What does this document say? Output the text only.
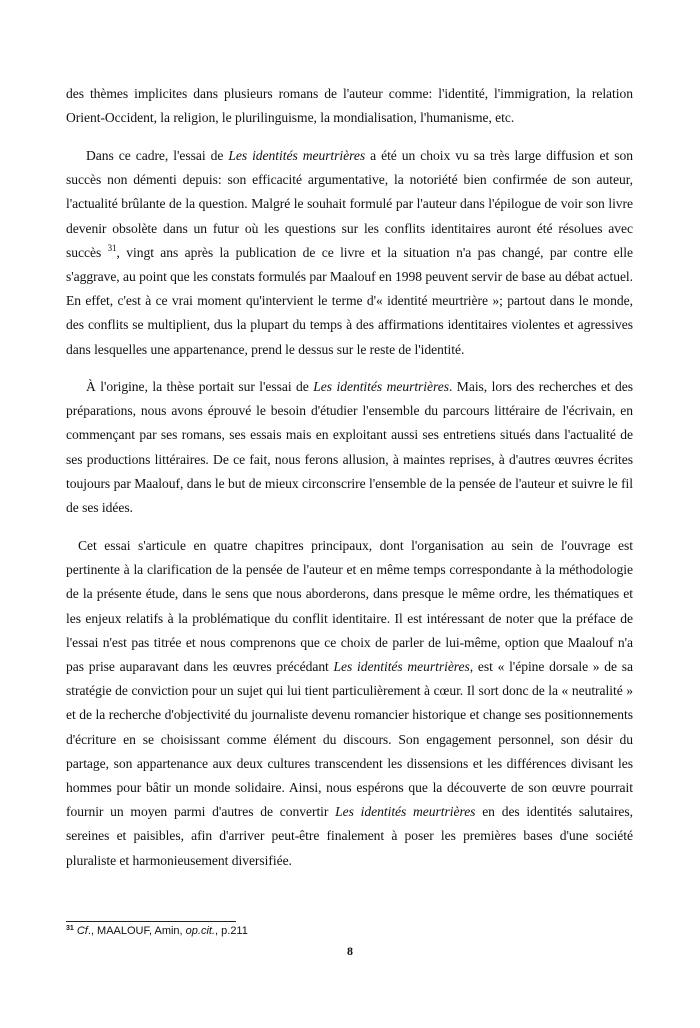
des thèmes implicites dans plusieurs romans de l'auteur comme: l'identité, l'immigration, la relation Orient-Occident, la religion, le plurilinguisme, la mondialisation, l'humanisme, etc.

Dans ce cadre, l'essai de Les identités meurtrières a été un choix vu sa très large diffusion et son succès non démenti depuis: son efficacité argumentative, la notoriété bien confirmée de son auteur, l'actualité brûlante de la question. Malgré le souhait formulé par l'auteur dans l'épilogue de voir son livre devenir obsolète dans un futur où les questions sur les conflits identitaires auront été résolues avec succès $^{31}$, vingt ans après la publication de ce livre et la situation n'a pas changé, par contre elle s'aggrave, au point que les constats formulés par Maalouf en 1998 peuvent servir de base au débat actuel. En effet, c'est à ce vrai moment qu'intervient le terme d'« identité meurtrière »; partout dans le monde, des conflits se multiplient, dus la plupart du temps à des affirmations identitaires violentes et agressives dans lesquelles une appartenance, prend le dessus sur le reste de l'identité.

À l'origine, la thèse portait sur l'essai de Les identités meurtrières. Mais, lors des recherches et des préparations, nous avons éprouvé le besoin d'étudier l'ensemble du parcours littéraire de l'écrivain, en commençant par ses romans, ses essais mais en exploitant aussi ses entretiens situés dans l'actualité de ses productions littéraires. De ce fait, nous ferons allusion, à maintes reprises, à d'autres œuvres écrites toujours par Maalouf, dans le but de mieux circonscrire l'ensemble de la pensée de l'auteur et suivre le fil de ses idées.

Cet essai s'articule en quatre chapitres principaux, dont l'organisation au sein de l'ouvrage est pertinente à la clarification de la pensée de l'auteur et en même temps correspondante à la méthodologie de la présente étude, dans le sens que nous aborderons, dans presque le même ordre, les thématiques et les enjeux relatifs à la problématique du conflit identitaire. Il est intéressant de noter que la préface de l'essai n'est pas titrée et nous comprenons que ce choix de parler de lui-même, option que Maalouf n'a pas prise auparavant dans les œuvres précédant Les identités meurtrières, est « l'épine dorsale » de sa stratégie de conviction pour un sujet qui lui tient particulièrement à cœur. Il sort donc de la « neutralité » et de la recherche d'objectivité du journaliste devenu romancier historique et change ses positionnements d'écriture en se choisissant comme élément du discours. Son engagement personnel, son désir du partage, son appartenance aux deux cultures transcendent les dissensions et les différences divisant les hommes pour bâtir un monde solidaire. Ainsi, nous espérons que la découverte de son œuvre pourrait fournir un moyen parmi d'autres de convertir Les identités meurtrières en des identités salutaires, sereines et paisibles, afin d'arriver peut-être finalement à poser les premières bases d'une société pluraliste et harmonieusement diversifiée.

$^{31}$ Cf., MAALOUF, Amin, op.cit., p.211
8
